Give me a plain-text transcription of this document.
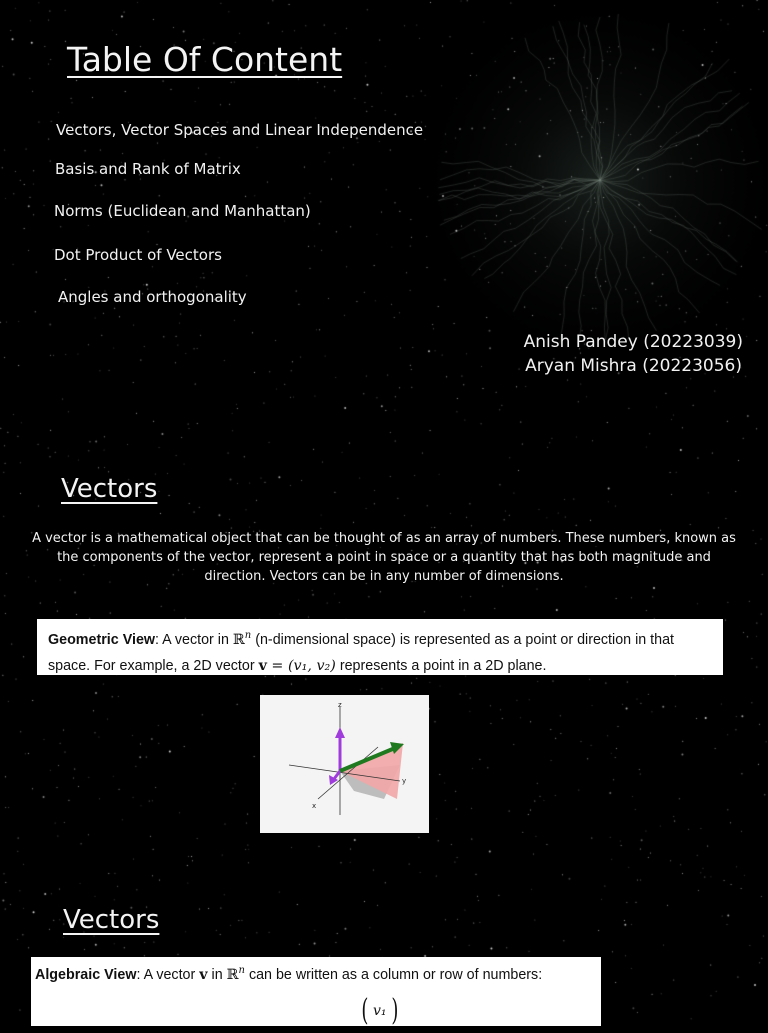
Table Of Content
Vectors, Vector Spaces and Linear Independence
Basis and Rank of Matrix
Norms (Euclidean and Manhattan)
Dot Product of Vectors
Angles and orthogonality
Anish Pandey (20223039)
Aryan Mishra (20223056)
Vectors
A vector is a mathematical object that can be thought of as an array of numbers. These numbers, known as the components of the vector, represent a point in space or a quantity that has both magnitude and direction. Vectors can be in any number of dimensions.
Geometric View: A vector in ℝ$^n$ (n-dimensional space) is represented as a point or direction in that space. For example, a 2D vector v = (v₁, v₂) represents a point in a 2D plane.
z
y
x
Vectors
Algebraic View: A vector v in ℝ$^n$ can be written as a column or row of numbers:
( v₁ )
